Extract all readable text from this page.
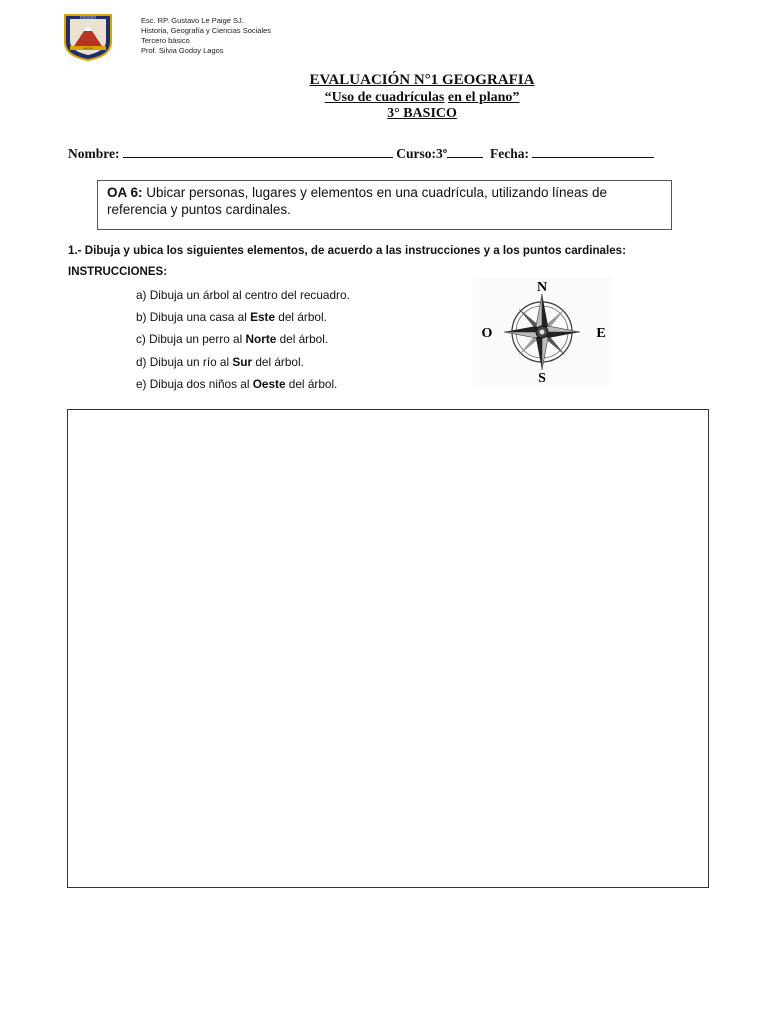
COLEGIO
ALICIA
Esc. RP. Gustavo Le Paige SJ.
Historia, Geografía y Ciencias Sociales
Tercero básico
Prof. Silvia Godoy Lagos
EVALUACIÓN N°1 GEOGRAFIA
“Uso de cuadrículas en el plano”
3° BASICO
Nombre:	Curso:3º	Fecha:
OA 6: Ubicar personas, lugares y elementos en una cuadrícula, utilizando líneas de referencia y puntos cardinales.
1.- Dibuja y ubica los siguientes elementos, de acuerdo a las instrucciones y a los puntos cardinales:
INSTRUCCIONES:
a) Dibuja un árbol al centro del recuadro.
b) Dibuja una casa al Este del árbol.
c) Dibuja un perro al Norte del árbol.
d) Dibuja un río al Sur del árbol.
e) Dibuja dos niños al Oeste del árbol.
N
S
O	E
